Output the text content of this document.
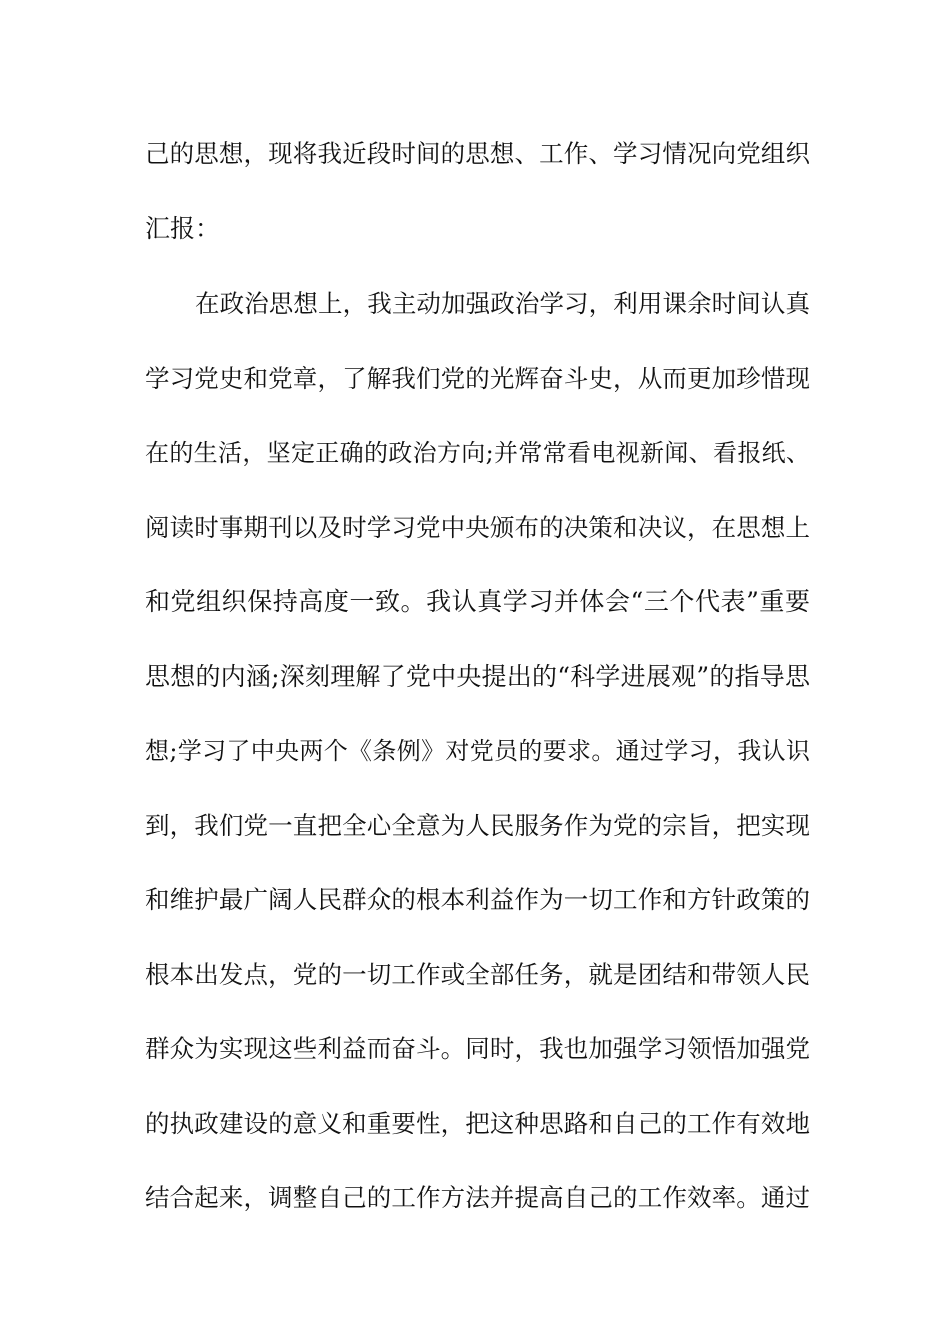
己的思想，现将我近段时间的思想、工作、学习情况向党组织
汇报：
在政治思想上，我主动加强政治学习，利用课余时间认真
学习党史和党章，了解我们党的光辉奋斗史，从而更加珍惜现
在的生活，坚定正确的政治方向;并常常看电视新闻、看报纸、
阅读时事期刊以及时学习党中央颁布的决策和决议，在思想上
和党组织保持高度一致。我认真学习并体会“三个代表”重要
思想的内涵;深刻理解了党中央提出的“科学进展观”的指导思
想;学习了中央两个《条例》对党员的要求。通过学习，我认识
到，我们党一直把全心全意为人民服务作为党的宗旨，把实现
和维护最广阔人民群众的根本利益作为一切工作和方针政策的
根本出发点，党的一切工作或全部任务，就是团结和带领人民
群众为实现这些利益而奋斗。同时，我也加强学习领悟加强党
的执政建设的意义和重要性，把这种思路和自己的工作有效地
结合起来，调整自己的工作方法并提高自己的工作效率。通过
